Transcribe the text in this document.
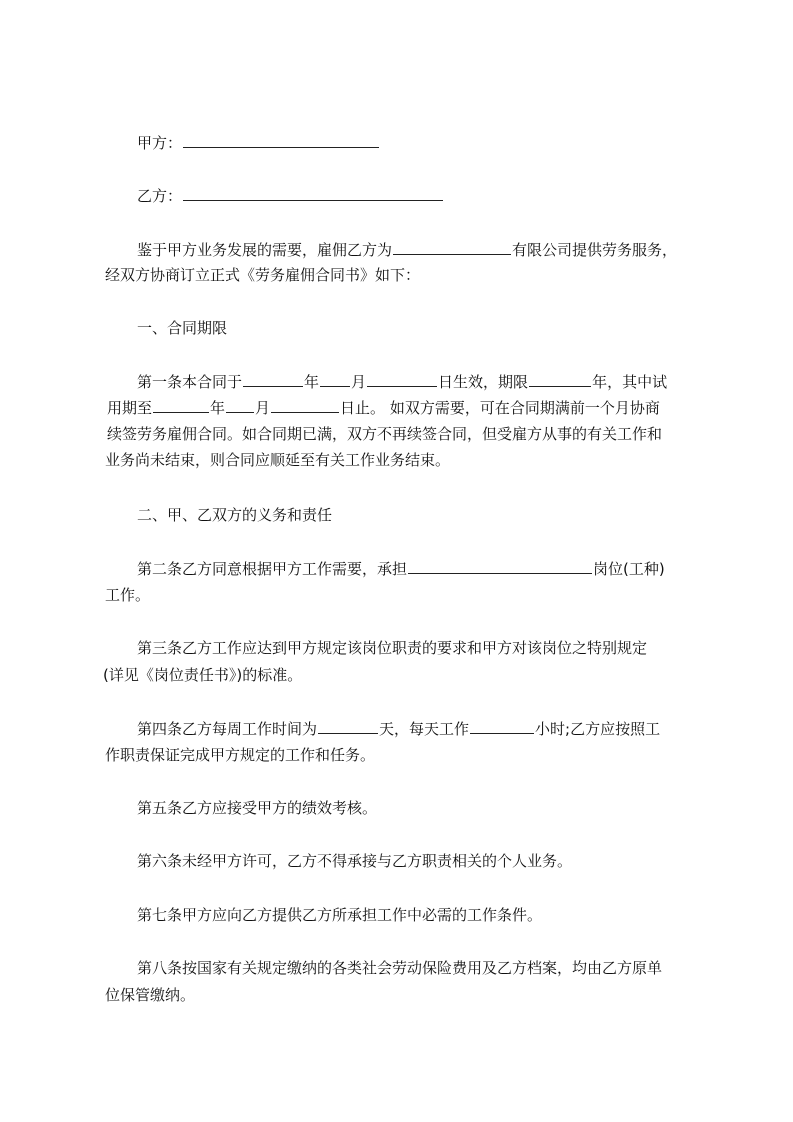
甲方：
乙方：
鉴于甲方业务发展的需要，雇佣乙方为	有限公司提供劳务服务，
经双方协商订立正式《劳务雇佣合同书》如下：
一、合同期限
第一条本合同于	年 月	日生效，期限	年，其中试
用期至	年 月	日止。 如双方需要，可在合同期满前一个月协商
续签劳务雇佣合同。如合同期已满，双方不再续签合同，但受雇方从事的有关工作和
业务尚未结束，则合同应顺延至有关工作业务结束。
二、甲、乙双方的义务和责任
第二条乙方同意根据甲方工作需要，承担	岗位(工种)
工作。
第三条乙方工作应达到甲方规定该岗位职责的要求和甲方对该岗位之特别规定
(详见《岗位责任书》)的标准。
第四条乙方每周工作时间为	天，每天工作	小时;乙方应按照工
作职责保证完成甲方规定的工作和任务。
第五条乙方应接受甲方的绩效考核。
第六条未经甲方许可，乙方不得承接与乙方职责相关的个人业务。
第七条甲方应向乙方提供乙方所承担工作中必需的工作条件。
第八条按国家有关规定缴纳的各类社会劳动保险费用及乙方档案，均由乙方原单
位保管缴纳。
